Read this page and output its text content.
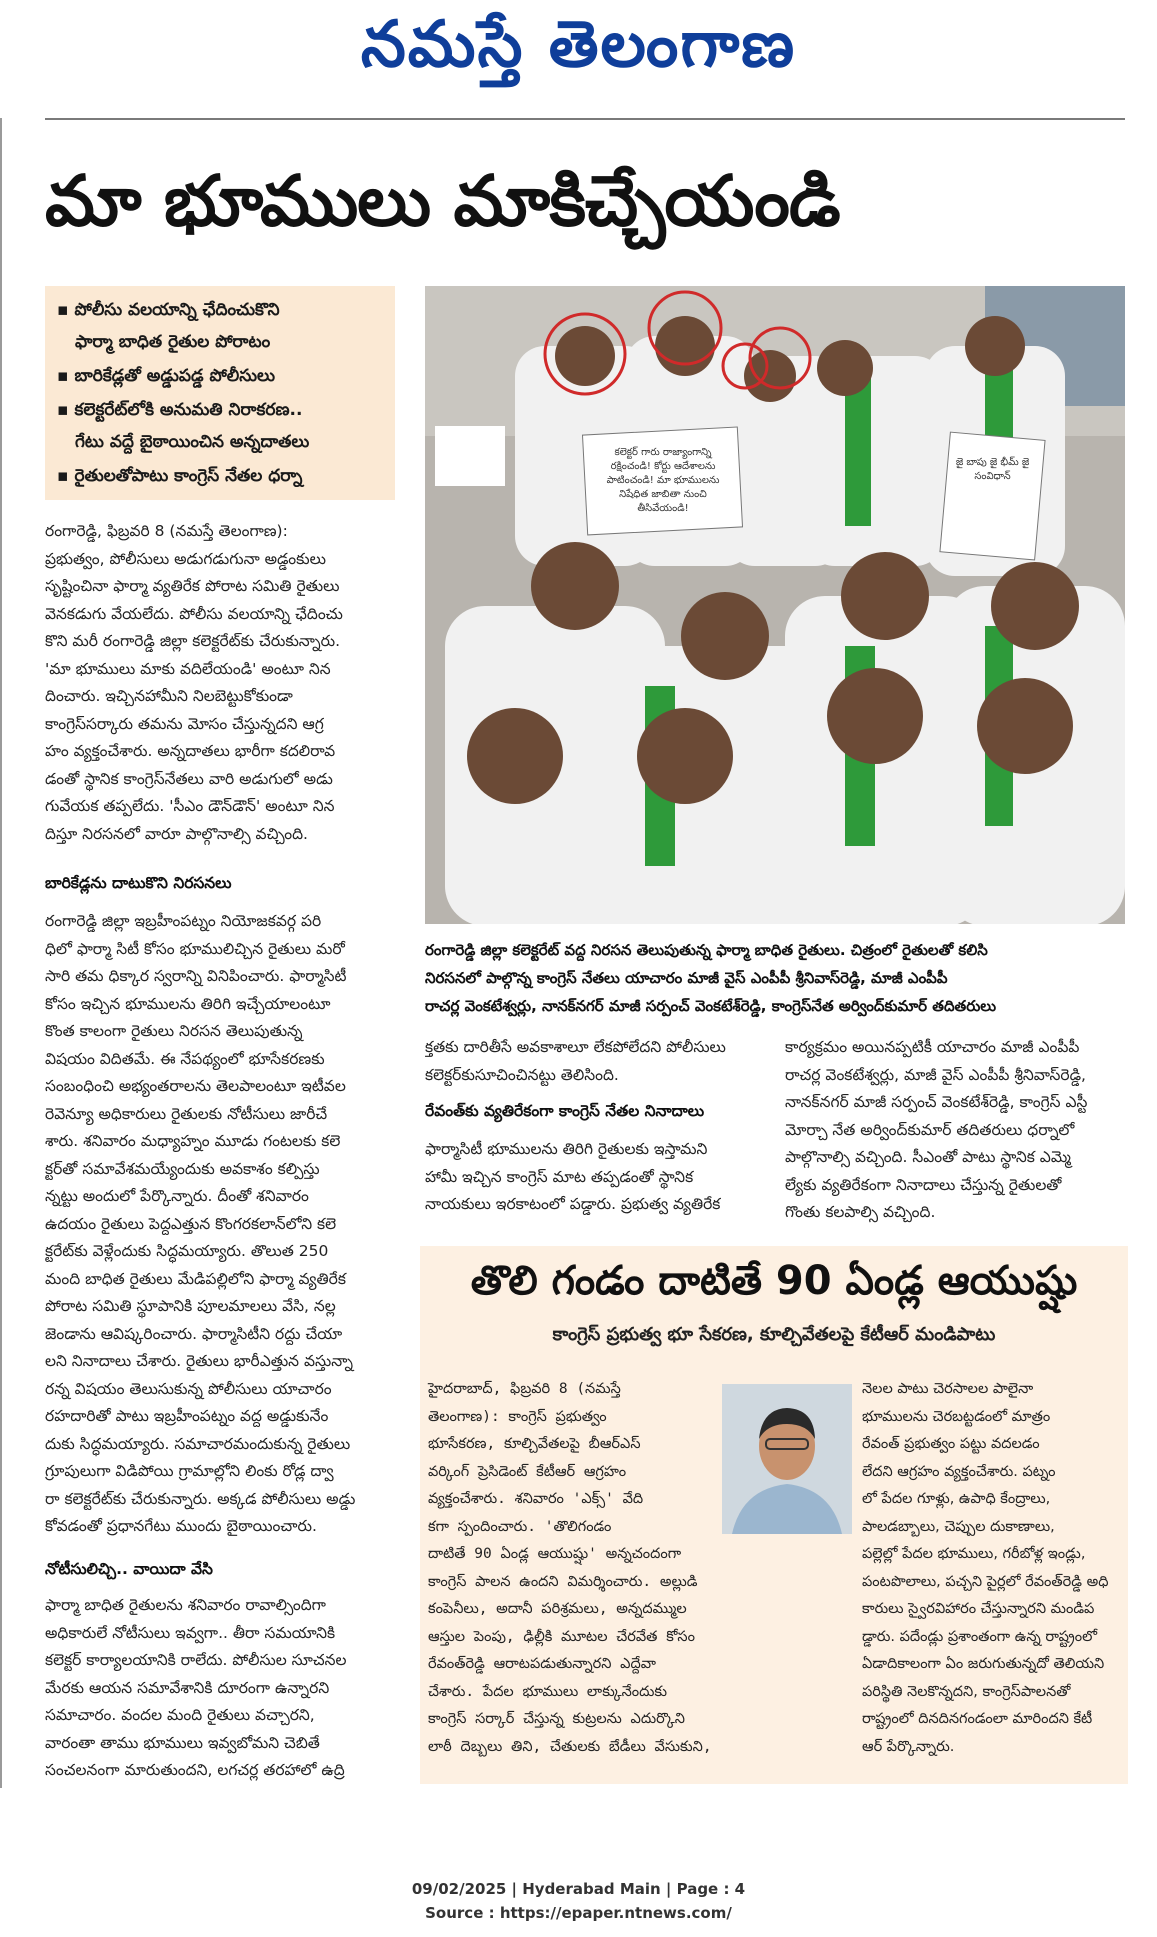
నమస్తే తెలంగాణ
మా భూములు మాకిచ్చేయండి
▪ పోలీసు వలయాన్ని ఛేదించుకొని
ఫార్మా బాధిత రైతుల పోరాటం
▪ బారికేడ్లతో అడ్డుపడ్డ పోలీసులు
▪ కలెక్టరేట్‌లోకి అనుమతి నిరాకరణ..
గేటు వద్దే బైఠాయించిన అన్నదాతలు
▪ రైతులతోపాటు కాంగ్రెస్ నేతల ధర్నా
రంగారెడ్డి, ఫిబ్రవరి 8 (నమస్తే తెలంగాణ):
ప్రభుత్వం, పోలీసులు అడుగడుగునా అడ్డంకులు
సృష్టించినా ఫార్మా వ్యతిరేక పోరాట సమితి రైతులు
వెనకడుగు వేయలేదు. పోలీసు వలయాన్ని ఛేదించు
కొని మరీ రంగారెడ్డి జిల్లా కలెక్టరేట్‌కు చేరుకున్నారు.
'మా భూములు మాకు వదిలేయండి' అంటూ నిన
దించారు. ఇచ్చినహామీని నిలబెట్టుకోకుండా
కాంగ్రెస్‌సర్కారు తమను మోసం చేస్తున్నదని ఆగ్ర
హం వ్యక్తంచేశారు. అన్నదాతలు భారీగా కదలిరావ
డంతో స్థానిక కాంగ్రెస్‌నేతలు వారి అడుగులో అడు
గువేయక తప్పలేదు. 'సీఎం డౌన్‌డౌన్' అంటూ నిన
దిస్తూ నిరసనలో వారూ పాల్గొనాల్సి వచ్చింది.
బారికేడ్లను దాటుకొని నిరసనలు
రంగారెడ్డి జిల్లా ఇబ్రహీంపట్నం నియోజకవర్గ పరి
ధిలో ఫార్మా సిటీ కోసం భూములిచ్చిన రైతులు మరో
సారి తమ ధిక్కార స్వరాన్ని వినిపించారు. ఫార్మాసిటీ
కోసం ఇచ్చిన భూములను తిరిగి ఇచ్చేయాలంటూ
కొంత కాలంగా రైతులు నిరసన తెలుపుతున్న
విషయం విదితమే. ఈ నేపథ్యంలో భూసేకరణకు
సంబంధించి అభ్యంతరాలను తెలపాలంటూ ఇటీవల
రెవెన్యూ అధికారులు రైతులకు నోటీసులు జారీచే
శారు. శనివారం మధ్యాహ్నం మూడు గంటలకు కలె
క్టర్‌తో సమావేశమయ్యేందుకు అవకాశం కల్పిస్తు
న్నట్టు అందులో పేర్కొన్నారు. దీంతో శనివారం
ఉదయం రైతులు పెద్దఎత్తున కొంగరకలాన్‌లోని కలె
క్టరేట్‌కు వెళ్లేందుకు సిద్ధమయ్యారు. తొలుత 250
మంది బాధిత రైతులు మేడిపల్లిలోని ఫార్మా వ్యతిరేక
పోరాట సమితి స్థూపానికి పూలమాలలు వేసి, నల్ల
జెండాను ఆవిష్కరించారు. ఫార్మాసిటీని రద్దు చేయా
లని నినాదాలు చేశారు. రైతులు భారీఎత్తున వస్తున్నా
రన్న విషయం తెలుసుకున్న పోలీసులు యాచారం
రహదారితో పాటు ఇబ్రహీంపట్నం వద్ద అడ్డుకునేం
దుకు సిద్ధమయ్యారు. సమాచారమందుకున్న రైతులు
గ్రూపులుగా విడిపోయి గ్రామాల్లోని లింకు రోడ్ల ద్వా
రా కలెక్టరేట్‌కు చేరుకున్నారు. అక్కడ పోలీసులు అడ్డు
కోవడంతో ప్రధానగేటు ముందు బైఠాయించారు.
నోటీసులిచ్చి.. వాయిదా వేసి
ఫార్మా బాధిత రైతులను శనివారం రావాల్సిందిగా
అధికారులే నోటీసులు ఇవ్వగా.. తీరా సమయానికి
కలెక్టర్ కార్యాలయానికి రాలేదు. పోలీసుల సూచనల
మేరకు ఆయన సమావేశానికి దూరంగా ఉన్నారని
సమాచారం. వందల మంది రైతులు వచ్చారని,
వారంతా తాము భూములు ఇవ్వబోమని చెబితే
సంచలనంగా మారుతుందని, లగచర్ల తరహాలో ఉద్రి
కలెక్టర్ గారు రాజ్యాంగాన్ని రక్షించండి! కోర్టు ఆదేశాలను పాటించండి! మా భూములను నిషేధిత జాబితా నుంచి తీసివేయండి!
జై బాపు జై భీమ్ జై సంవిధాన్
రంగారెడ్డి జిల్లా కలెక్టరేట్ వద్ద నిరసన తెలుపుతున్న ఫార్మా బాధిత రైతులు. చిత్రంలో రైతులతో కలిసి
నిరసనలో పాల్గొన్న కాంగ్రెస్ నేతలు యాచారం మాజీ వైస్ ఎంపీపీ శ్రీనివాస్‌రెడ్డి, మాజీ ఎంపీపీ
రాచర్ల వెంకటేశ్వర్లు, నానక్‌నగర్ మాజీ సర్పంచ్ వెంకటేశ్‌రెడ్డి, కాంగ్రెస్‌నేత అర్వింద్‌కుమార్ తదితరులు
క్తతకు దారితీసే అవకాశాలూ లేకపోలేదని పోలీసులు
కలెక్టర్‌కుసూచించినట్టు తెలిసింది.
రేవంత్‌కు వ్యతిరేకంగా కాంగ్రెస్ నేతల నినాదాలు
ఫార్మాసిటీ భూములను తిరిగి రైతులకు ఇస్తామని
హామీ ఇచ్చిన కాంగ్రెస్ మాట తప్పడంతో స్థానిక
నాయకులు ఇరకాటంలో పడ్డారు. ప్రభుత్వ వ్యతిరేక
కార్యక్రమం అయినప్పటికీ యాచారం మాజీ ఎంపీపీ
రాచర్ల వెంకటేశ్వర్లు, మాజీ వైస్ ఎంపీపీ శ్రీనివాస్‌రెడ్డి,
నానక్‌నగర్ మాజీ సర్పంచ్ వెంకటేశ్‌రెడ్డి, కాంగ్రెస్ ఎస్టీ
మోర్చా నేత అర్వింద్‌కుమార్ తదితరులు ధర్నాలో
పాల్గొనాల్సి వచ్చింది. సీఎంతో పాటు స్థానిక ఎమ్మె
ల్యేకు వ్యతిరేకంగా నినాదాలు చేస్తున్న రైతులతో
గొంతు కలపాల్సి వచ్చింది.
తొలి గండం దాటితే 90 ఏండ్ల ఆయుష్షు
కాంగ్రెస్ ప్రభుత్వ భూ సేకరణ, కూల్చివేతలపై కేటీఆర్ మండిపాటు
హైదరాబాద్, ఫిబ్రవరి 8 (నమస్తే
తెలంగాణ): కాంగ్రెస్ ప్రభుత్వం
భూసేకరణ, కూల్చివేతలపై బీఆర్‌ఎస్
వర్కింగ్ ప్రెసిడెంట్ కేటీఆర్ ఆగ్రహం
వ్యక్తంచేశారు. శనివారం 'ఎక్స్' వేది
కగా స్పందించారు. 'తొలిగండం
దాటితే 90 ఏండ్ల ఆయుష్షు' అన్నచందంగా
కాంగ్రెస్ పాలన ఉందని విమర్శించారు. అల్లుడి
కంపెనీలు, అదానీ పరిశ్రమలు, అన్నదమ్ముల
ఆస్తుల పెంపు, ఢిల్లీకి మూటల చేరవేత కోసం
రేవంత్‌రెడ్డి ఆరాటపడుతున్నారని ఎద్దేవా
చేశారు. పేదల భూములు లాక్కునేందుకు
కాంగ్రెస్ సర్కార్ చేస్తున్న కుట్రలను ఎదుర్కొని
లాఠీ దెబ్బలు తిని, చేతులకు బేడీలు వేసుకుని,
నెలల పాటు చెరసాలల పాలైనా
భూములను చెరబట్టడంలో మాత్రం
రేవంత్ ప్రభుత్వం పట్టు వదలడం
లేదని ఆగ్రహం వ్యక్తంచేశారు. పట్నం
లో పేదల గూళ్లు, ఉపాధి కేంద్రాలు,
పాలడబ్బాలు, చెప్పుల దుకాణాలు,
పల్లెల్లో పేదల భూములు, గరీబోళ్ల ఇండ్లు,
పంటపొలాలు, పచ్చని పైర్లలో రేవంత్‌రెడ్డి అధి
కారులు స్వైరవిహారం చేస్తున్నారని మండిప
డ్డారు. పదేండ్లు ప్రశాంతంగా ఉన్న రాష్ట్రంలో
ఏడాదికాలంగా ఏం జరుగుతున్నదో తెలియని
పరిస్థితి నెలకొన్నదని, కాంగ్రెస్‌పాలనతో
రాష్ట్రంలో దినదినగండంలా మారిందని కేటీ
ఆర్ పేర్కొన్నారు.
09/02/2025 | Hyderabad Main | Page : 4
Source : https://epaper.ntnews.com/
